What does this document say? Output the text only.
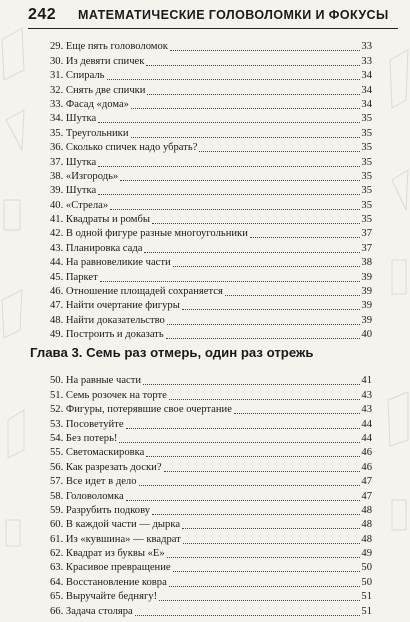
242 МАТЕМАТИЧЕСКИЕ ГОЛОВОЛОМКИ И ФОКУСЫ
29. Еще пять головоломок	33
30. Из девяти спичек	33
31. Спираль	34
32. Снять две спички	34
33. Фасад «дома»	34
34. Шутка	35
35. Треугольники	35
36. Сколько спичек надо убрать?	35
37. Шутка	35
38. «Изгородь»	35
39. Шутка	35
40. «Стрела»	35
41. Квадраты и ромбы	35
42. В одной фигуре разные многоугольники	37
43. Планировка сада	37
44. На равновеликие части	38
45. Паркет	39
46. Отношение площадей сохраняется	39
47. Найти очертание фигуры	39
48. Найти доказательство	39
49. Построить и доказать	40
Глава 3. Семь раз отмерь, один раз отрежь
50. На равные части	41
51. Семь розочек на торте	43
52. Фигуры, потерявшие свое очертание	43
53. Посоветуйте	44
54. Без потерь!	44
55. Светомаскировка	46
56. Как разрезать доски?	46
57. Все идет в дело	47
58. Головоломка	47
59. Разрубить подкову	48
60. В каждой части — дырка	48
61. Из «кувшина» — квадрат	48
62. Квадрат из буквы «Е»	49
63. Красивое превращение	50
64. Восстановление ковра	50
65. Выручайте беднягу!	51
66. Задача столяра	51
